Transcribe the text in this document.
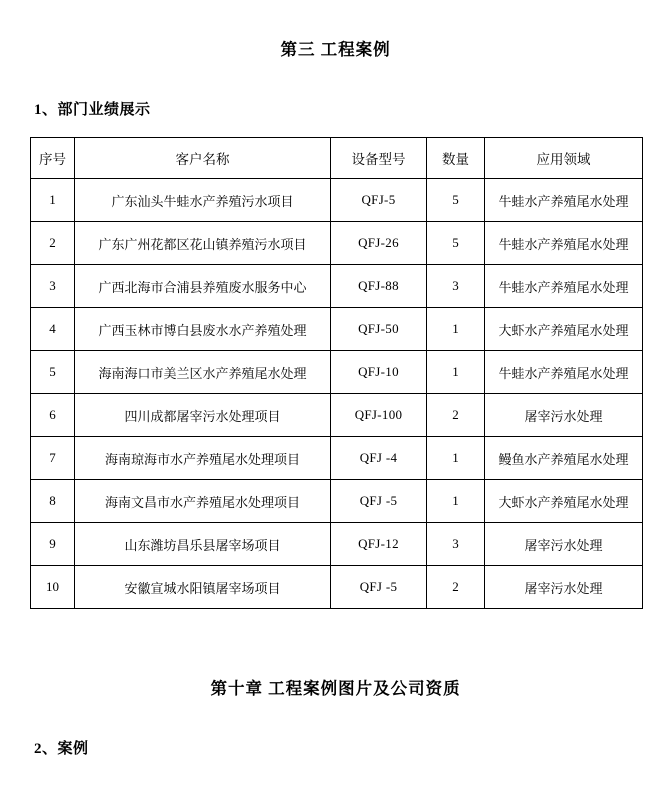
第三 工程案例
1、部门业绩展示
序号	客户名称	设备型号	数量	应用领域
1	广东汕头牛蛙水产养殖污水项目	QFJ-5	5	牛蛙水产养殖尾水处理
2	广东广州花都区花山镇养殖污水项目	QFJ-26	5	牛蛙水产养殖尾水处理
3	广西北海市合浦县养殖废水服务中心	QFJ-88	3	牛蛙水产养殖尾水处理
4	广西玉林市博白县废水水产养殖处理	QFJ-50	1	大虾水产养殖尾水处理
5	海南海口市美兰区水产养殖尾水处理	QFJ-10	1	牛蛙水产养殖尾水处理
6	四川成都屠宰污水处理项目	QFJ-100	2	屠宰污水处理
7	海南琼海市水产养殖尾水处理项目	QFJ -4	1	鳗鱼水产养殖尾水处理
8	海南文昌市水产养殖尾水处理项目	QFJ -5	1	大虾水产养殖尾水处理
9	山东潍坊昌乐县屠宰场项目	QFJ-12	3	屠宰污水处理
10	安徽宣城水阳镇屠宰场项目	QFJ -5	2	屠宰污水处理
第十章 工程案例图片及公司资质
2、案例
